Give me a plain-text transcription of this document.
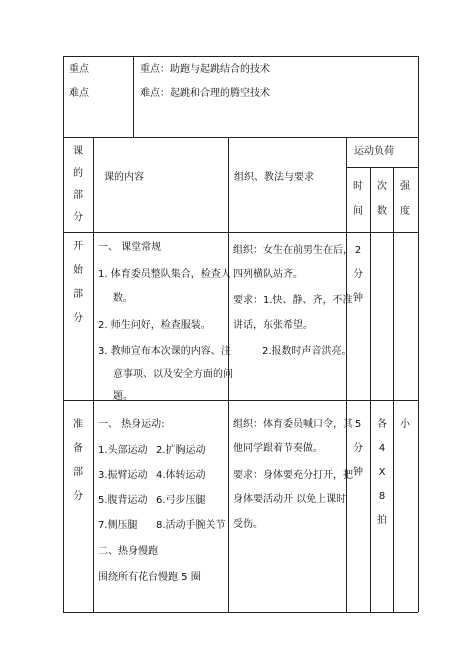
重点
难点
重点：助跑与起跳结合的技术
难点：起跳和合理的腾空技术
课
的
部
分
课的内容	组织、教法与要求
运动负荷
时
间
次
数
强
度
开
始
部
分
一、 课堂常规
1. 体育委员整队集合，检查人
数。
2. 师生问好，检查服装。
3. 教师宣布本次课的内容、注
意事项、以及安全方面的问
题。
组织：女生在前男生在后，
四列横队站齐。
要求：1.快、静、齐，不准
讲话，东张希望。
2.报数时声音洪亮。
2
分
钟
准
备
部
分
一、 热身运动:
1.头部运动 2.扩胸运动
3.振臂运动 4.体转运动
5.腹背运动 6.弓步压腿
7.侧压腿 8.活动手腕关节
二、热身慢跑
围绕所有花台慢跑 5 圈
组织：体育委员喊口令，其
他同学跟着节奏做。
要求：身体要充分打开，把
身体要活动开 以免上课时
受伤。
5
分
钟
各
4
X
8
拍
小
